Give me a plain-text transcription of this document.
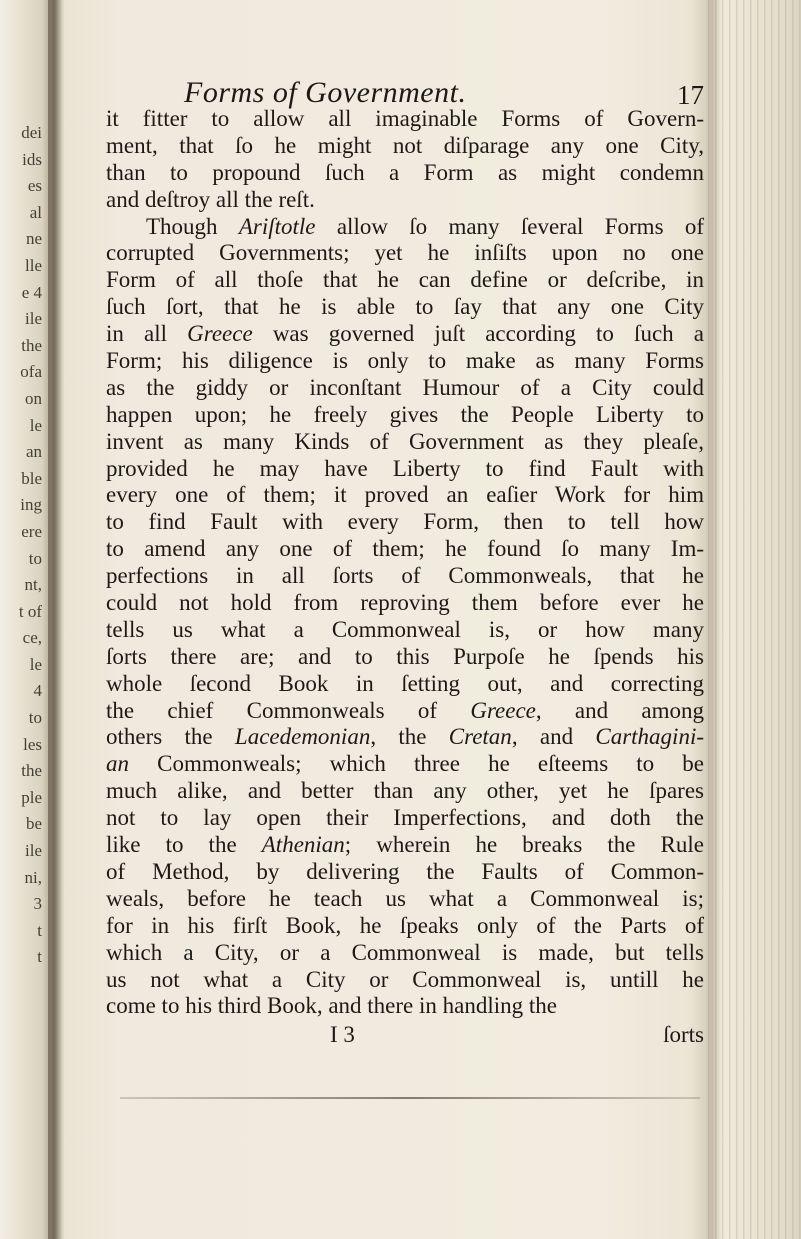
dei
ids
es
al
ne
lle
e 4
ile
the
ofa
on
le
an
ble
ing
ere
to
nt,
t of
ce,
le
4
to
les
the
ple
be
ile
ni,
3
t
t
Forms of Government.	17
it fitter to allow all imaginable Forms of Govern-
ment, that ſo he might not diſparage any one City,
than to propound ſuch a Form as might condemn
and deſtroy all the reſt.
Though Ariſtotle allow ſo many ſeveral Forms of
corrupted Governments; yet he inſiſts upon no one
Form of all thoſe that he can define or deſcribe, in
ſuch ſort, that he is able to ſay that any one City
in all Greece was governed juſt according to ſuch a
Form; his diligence is only to make as many Forms
as the giddy or inconſtant Humour of a City could
happen upon; he freely gives the People Liberty to
invent as many Kinds of Government as they pleaſe,
provided he may have Liberty to find Fault with
every one of them; it proved an eaſier Work for him
to find Fault with every Form, then to tell how
to amend any one of them; he found ſo many Im-
perfections in all ſorts of Commonweals, that he
could not hold from reproving them before ever he
tells us what a Commonweal is, or how many
ſorts there are; and to this Purpoſe he ſpends his
whole ſecond Book in ſetting out, and correcting
the chief Commonweals of Greece, and among
others the Lacedemonian, the Cretan, and Carthagini-
an Commonweals; which three he eſteems to be
much alike, and better than any other, yet he ſpares
not to lay open their Imperfections, and doth the
like to the Athenian; wherein he breaks the Rule
of Method, by delivering the Faults of Common-
weals, before he teach us what a Commonweal is;
for in his firſt Book, he ſpeaks only of the Parts of
which a City, or a Commonweal is made, but tells
us not what a City or Commonweal is, untill he
come to his third Book, and there in handling the
I 3	ſorts
